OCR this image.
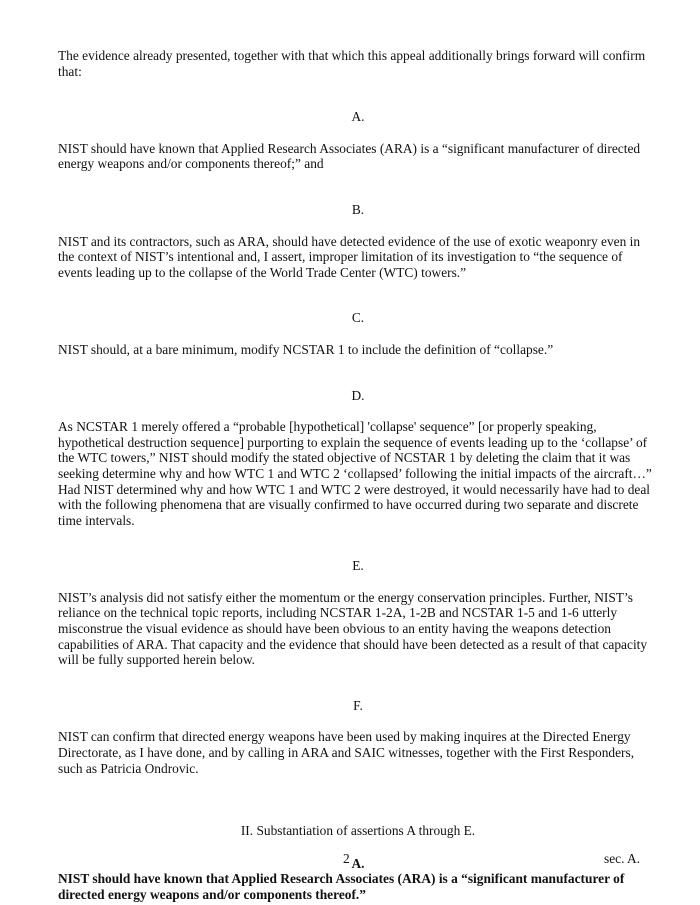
The evidence already presented, together with that which this appeal additionally brings forward will confirm that:

A.

NIST should have known that Applied Research Associates (ARA) is a “significant manufacturer of directed energy weapons and/or components thereof;” and

B.

NIST and its contractors, such as ARA, should have detected evidence of the use of exotic weaponry even in the context of NIST’s intentional and, I assert, improper limitation of its investigation to “the sequence of events leading up to the collapse of the World Trade Center (WTC) towers.”

C.

NIST should, at a bare minimum, modify NCSTAR 1 to include the definition of “collapse.”

D.

As NCSTAR 1 merely offered a “probable [hypothetical] 'collapse' sequence” [or properly speaking, hypothetical destruction sequence] purporting to explain the sequence of events leading up to the ‘collapse’ of the WTC towers,” NIST should modify the stated objective of NCSTAR 1 by deleting the claim that it was seeking determine why and how WTC 1 and WTC 2 ‘collapsed’ following the initial impacts of the aircraft…” Had NIST determined why and how WTC 1 and WTC 2 were destroyed, it would necessarily have had to deal with the following phenomena that are visually confirmed to have occurred during two separate and discrete time intervals.

E.

NIST’s analysis did not satisfy either the momentum or the energy conservation principles. Further, NIST’s reliance on the technical topic reports, including NCSTAR 1-2A, 1-2B and NCSTAR 1-5 and 1-6 utterly misconstrue the visual evidence as should have been obvious to an entity having the weapons detection capabilities of ARA. That capacity and the evidence that should have been detected as a result of that capacity will be fully supported herein below.

F.

NIST can confirm that directed energy weapons have been used by making inquires at the Directed Energy Directorate, as I have done, and by calling in ARA and SAIC witnesses, together with the First Responders, such as Patricia Ondrovic.

II. Substantiation of assertions A through E.

A.

NIST should have known that Applied Research Associates (ARA) is a “significant manufacturer of directed energy weapons and/or components thereof.”

2	sec. A.
